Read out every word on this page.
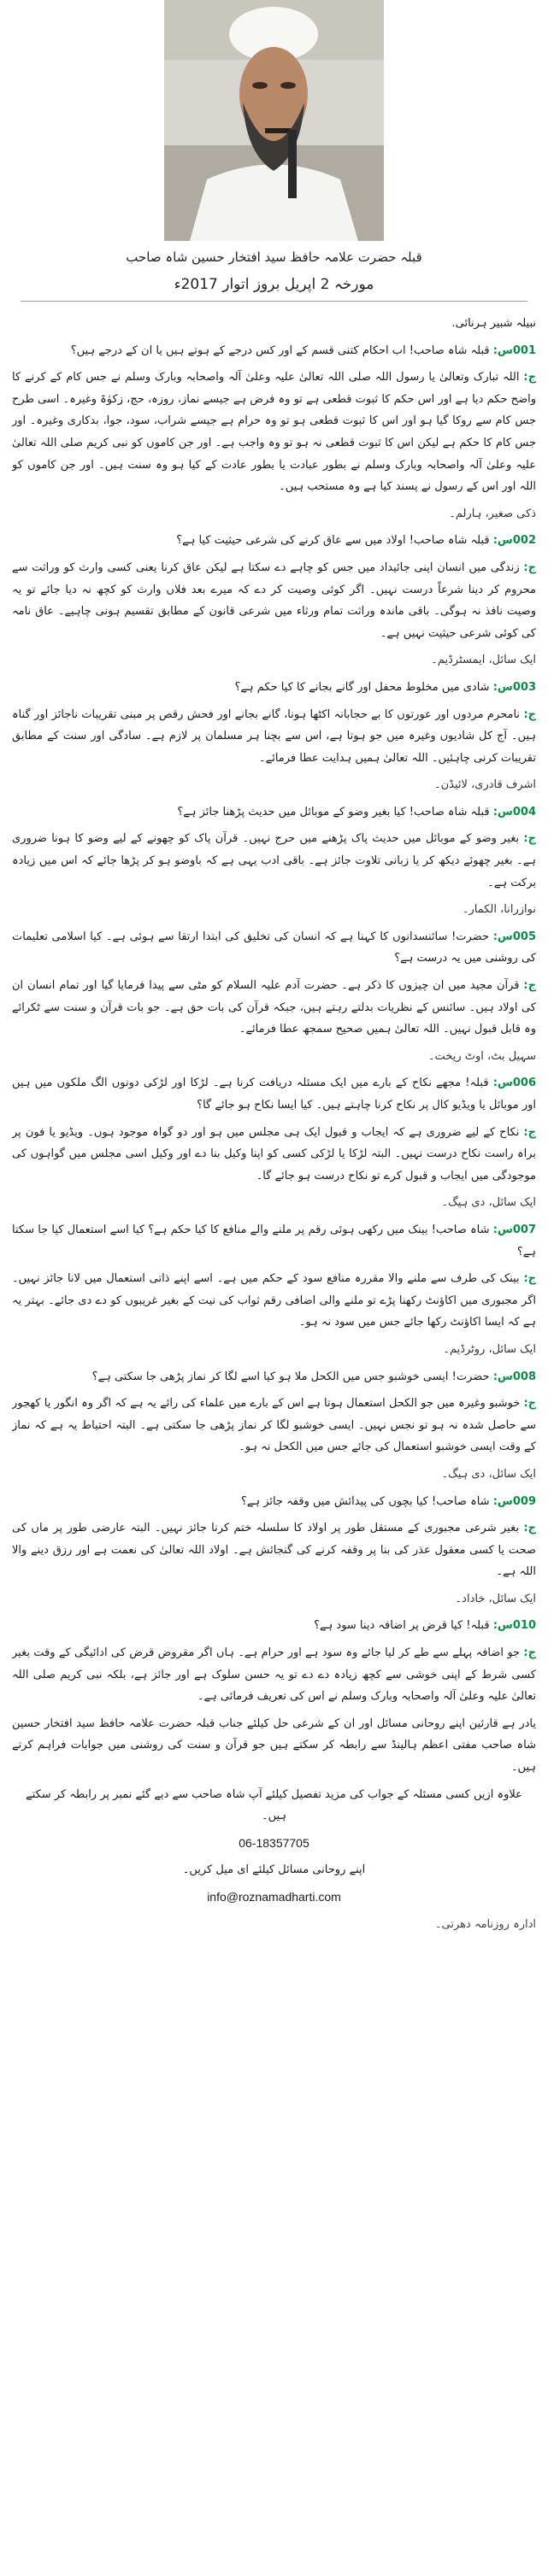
قبلہ حضرت علامہ حافظ سید افتخار حسین شاہ صاحب
مورخہ 2 اپریل بروز اتوار 2017ء

نبیلہ شبیر ہرنائی.

001س: قبلہ شاہ صاحب! اب احکام کتنی قسم کے اور کس درجے کے ہوتے ہیں یا ان کے درجے ہیں؟

ج: اللہ تبارک وتعالیٰ یا رسول اللہ صلی اللہ تعالیٰ علیہ وعلیٰ آلہ واصحابہ وبارک وسلم نے جس کام کے کرنے کا واضح حکم دیا ہے اور اس حکم کا ثبوت قطعی ہے تو وہ فرض ہے جیسے نماز، روزہ، حج، زکوٰۃ وغیرہ۔ اسی طرح جس کام سے روکا گیا ہو اور اس کا ثبوت قطعی ہو تو وہ حرام ہے جیسے شراب، سود، جوا، بدکاری وغیرہ۔ اور جس کام کا حکم ہے لیکن اس کا ثبوت قطعی نہ ہو تو وہ واجب ہے۔ اور جن کاموں کو نبی کریم صلی اللہ تعالیٰ علیہ وعلیٰ آلہ واصحابہ وبارک وسلم نے بطور عبادت یا بطور عادت کے کیا ہو وہ سنت ہیں۔ اور جن کاموں کو اللہ اور اس کے رسول نے پسند کیا ہے وہ مستحب ہیں۔

ذکی صغیر، ہارلم۔

002س: قبلہ شاہ صاحب! اولاد میں سے عاق کرنے کی شرعی حیثیت کیا ہے؟

ج: زندگی میں انسان اپنی جائیداد میں جس کو چاہے دے سکتا ہے لیکن عاق کرنا یعنی کسی وارث کو وراثت سے محروم کر دینا شرعاً درست نہیں۔ اگر کوئی وصیت کر دے کہ میرے بعد فلاں وارث کو کچھ نہ دیا جائے تو یہ وصیت نافذ نہ ہوگی۔ باقی ماندہ وراثت تمام ورثاء میں شرعی قانون کے مطابق تقسیم ہونی چاہیے۔ عاق نامہ کی کوئی شرعی حیثیت نہیں ہے۔

ایک سائل، ایمسٹرڈیم۔

003س: شادی میں مخلوط محفل اور گانے بجانے کا کیا حکم ہے؟

ج: نامحرم مردوں اور عورتوں کا بے حجابانہ اکٹھا ہونا، گانے بجانے اور فحش رقص پر مبنی تقریبات ناجائز اور گناہ ہیں۔ آج کل شادیوں وغیرہ میں جو ہوتا ہے، اس سے بچنا ہر مسلمان پر لازم ہے۔ سادگی اور سنت کے مطابق تقریبات کرنی چاہئیں۔ اللہ تعالیٰ ہمیں ہدایت عطا فرمائے۔

اشرف قادری، لائیڈن۔

004س: قبلہ شاہ صاحب! کیا بغیر وضو کے موبائل میں حدیث پڑھنا جائز ہے؟

ج: بغیر وضو کے موبائل میں حدیث پاک پڑھنے میں حرج نہیں۔ قرآن پاک کو چھونے کے لیے وضو کا ہونا ضروری ہے۔ بغیر چھوئے دیکھ کر یا زبانی تلاوت جائز ہے۔ باقی ادب یہی ہے کہ باوضو ہو کر پڑھا جائے کہ اس میں زیادہ برکت ہے۔

نوازرانا، الکمار۔

005س: حضرت! سائنسدانوں کا کہنا ہے کہ انسان کی تخلیق کی ابتدا ارتقا سے ہوئی ہے۔ کیا اسلامی تعلیمات کی روشنی میں یہ درست ہے؟

ج: قرآن مجید میں ان چیزوں کا ذکر ہے۔ حضرت آدم علیہ السلام کو مٹی سے پیدا فرمایا گیا اور تمام انسان ان کی اولاد ہیں۔ سائنس کے نظریات بدلتے رہتے ہیں، جبکہ قرآن کی بات حق ہے۔ جو بات قرآن و سنت سے ٹکرائے وہ قابل قبول نہیں۔ اللہ تعالیٰ ہمیں صحیح سمجھ عطا فرمائے۔

سہیل بٹ، اوٹ ریخت۔

006س: قبلہ! مجھے نکاح کے بارے میں ایک مسئلہ دریافت کرنا ہے۔ لڑکا اور لڑکی دونوں الگ ملکوں میں ہیں اور موبائل یا ویڈیو کال پر نکاح کرنا چاہتے ہیں۔ کیا ایسا نکاح ہو جائے گا؟

ج: نکاح کے لیے ضروری ہے کہ ایجاب و قبول ایک ہی مجلس میں ہو اور دو گواہ موجود ہوں۔ ویڈیو یا فون پر براہ راست نکاح درست نہیں۔ البتہ لڑکا یا لڑکی کسی کو اپنا وکیل بنا دے اور وکیل اسی مجلس میں گواہوں کی موجودگی میں ایجاب و قبول کرے تو نکاح درست ہو جائے گا۔

ایک سائل، دی ہیگ۔

007س: شاہ صاحب! بینک میں رکھی ہوئی رقم پر ملنے والے منافع کا کیا حکم ہے؟ کیا اسے استعمال کیا جا سکتا ہے؟

ج: بینک کی طرف سے ملنے والا مقررہ منافع سود کے حکم میں ہے۔ اسے اپنے ذاتی استعمال میں لانا جائز نہیں۔ اگر مجبوری میں اکاؤنٹ رکھنا پڑے تو ملنے والی اضافی رقم ثواب کی نیت کے بغیر غریبوں کو دے دی جائے۔ بہتر یہ ہے کہ ایسا اکاؤنٹ رکھا جائے جس میں سود نہ ہو۔

ایک سائل، روٹرڈیم۔

008س: حضرت! ایسی خوشبو جس میں الکحل ملا ہو کیا اسے لگا کر نماز پڑھی جا سکتی ہے؟

ج: خوشبو وغیرہ میں جو الکحل استعمال ہوتا ہے اس کے بارے میں علماء کی رائے یہ ہے کہ اگر وہ انگور یا کھجور سے حاصل شدہ نہ ہو تو نجس نہیں۔ ایسی خوشبو لگا کر نماز پڑھی جا سکتی ہے۔ البتہ احتیاط یہ ہے کہ نماز کے وقت ایسی خوشبو استعمال کی جائے جس میں الکحل نہ ہو۔

ایک سائل، دی ہیگ۔

009س: شاہ صاحب! کیا بچوں کی پیدائش میں وقفہ جائز ہے؟

ج: بغیر شرعی مجبوری کے مستقل طور پر اولاد کا سلسلہ ختم کرنا جائز نہیں۔ البتہ عارضی طور پر ماں کی صحت یا کسی معقول عذر کی بنا پر وقفہ کرنے کی گنجائش ہے۔ اولاد اللہ تعالیٰ کی نعمت ہے اور رزق دینے والا اللہ ہے۔

ایک سائل، خاداد۔

010س: قبلہ! کیا قرض پر اضافہ دینا سود ہے؟

ج: جو اضافہ پہلے سے طے کر لیا جائے وہ سود ہے اور حرام ہے۔ ہاں اگر مقروض قرض کی ادائیگی کے وقت بغیر کسی شرط کے اپنی خوشی سے کچھ زیادہ دے دے تو یہ حسن سلوک ہے اور جائز ہے، بلکہ نبی کریم صلی اللہ تعالیٰ علیہ وعلیٰ آلہ واصحابہ وبارک وسلم نے اس کی تعریف فرمائی ہے۔

یادر ہے قارئین اپنے روحانی مسائل اور ان کے شرعی حل کیلئے جناب قبلہ حضرت علامہ حافظ سید افتخار حسین شاہ صاحب مفتی اعظم ہالینڈ سے رابطہ کر سکتے ہیں جو قرآن و سنت کی روشنی میں جوابات فراہم کرتے ہیں۔

علاوہ ازیں کسی مسئلہ کے جواب کی مزید تفصیل کیلئے آپ شاہ صاحب سے دیے گئے نمبر پر رابطہ کر سکتے ہیں۔

06-18357705

اپنے روحانی مسائل کیلئے ای میل کریں۔

info@roznamadharti.com

ادارہ روزنامہ دھرتی۔
